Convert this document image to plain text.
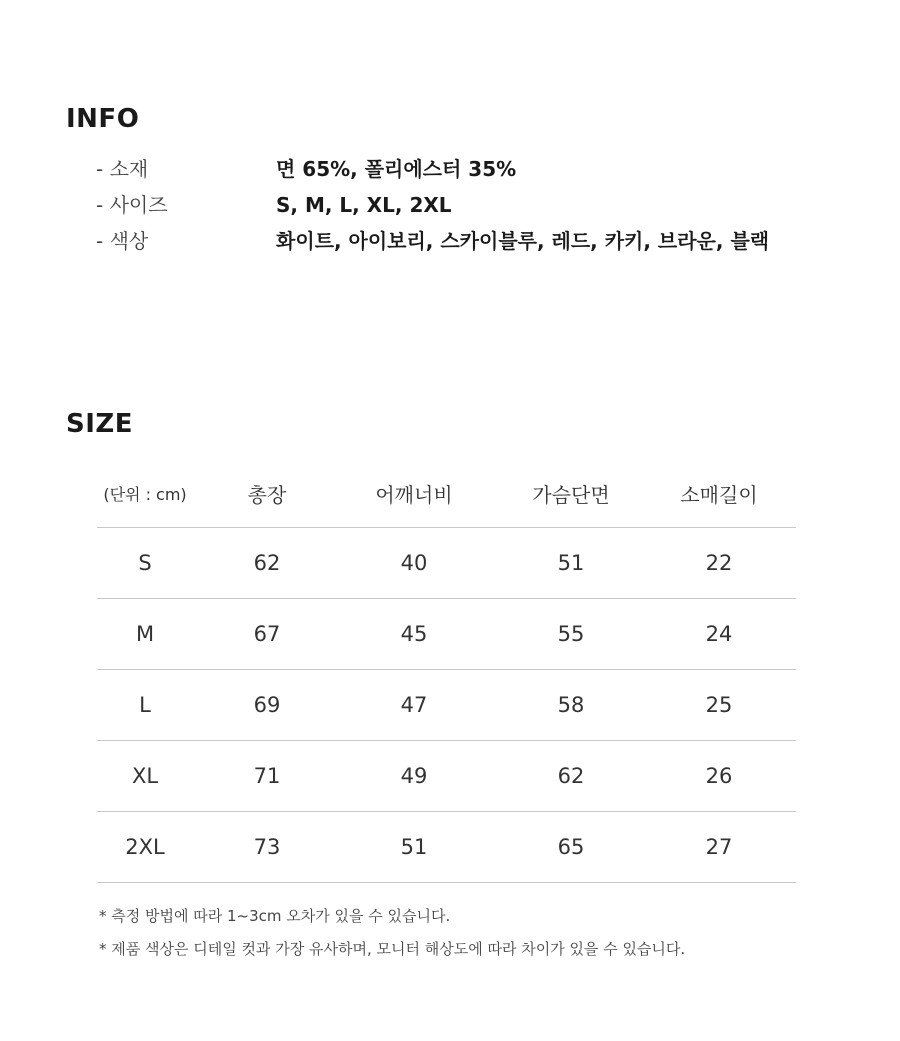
INFO
- 소재	면 65%, 폴리에스터 35%
- 사이즈	S, M, L, XL, 2XL
- 색상	화이트, 아이보리, 스카이블루, 레드, 카키, 브라운, 블랙
SIZE
(단위 : cm)	총장	어깨너비	가슴단면	소매길이
S	62	40	51	22
M	67	45	55	24
L	69	47	58	25
XL	71	49	62	26
2XL	73	51	65	27
* 측정 방법에 따라 1~3cm 오차가 있을 수 있습니다.
* 제품 색상은 디테일 컷과 가장 유사하며, 모니터 해상도에 따라 차이가 있을 수 있습니다.
